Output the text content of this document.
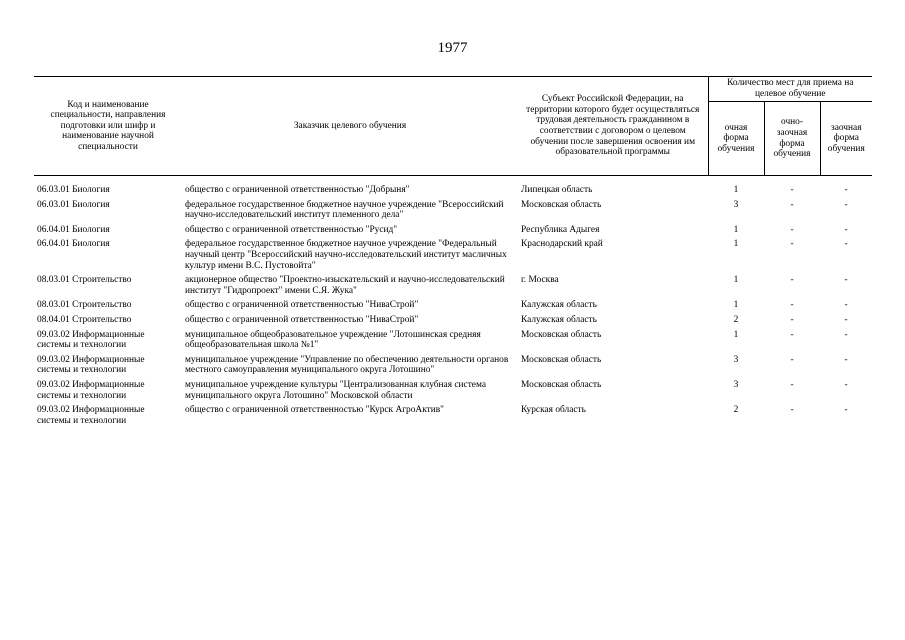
1977
Код и наименование специальности, направления подготовки или шифр и наименование научной специальности	Заказчик целевого обучения	Субъект Российской Федерации, на территории которого будет осуществляться трудовая деятельность гражданином в соответствии с договором о целевом обучении после завершения освоения им образовательной программы	Количество мест для приема на целевое обучение		
			очная форма обучения	очно-заочная форма обучения	заочная форма обучения

06.03.01 Биология	общество с ограниченной ответственностью "Добрыня"	Липецкая область	1	-	-
06.03.01 Биология	федеральное государственное бюджетное научное учреждение "Всероссийский научно-исследовательский институт племенного дела"	Московская область	3	-	-
06.04.01 Биология	общество с ограниченной ответственностью "Русид"	Республика Адыгея	1	-	-
06.04.01 Биология	федеральное государственное бюджетное научное учреждение "Федеральный научный центр "Всероссийский научно-исследовательский институт масличных культур имени В.С. Пустовойта"	Краснодарский край	1	-	-
08.03.01 Строительство	акционерное общество "Проектно-изыскательский и научно-исследовательский институт "Гидропроект" имени С.Я. Жука"	г. Москва	1	-	-
08.03.01 Строительство	общество с ограниченной ответственностью "НиваСтрой"	Калужская область	1	-	-
08.04.01 Строительство	общество с ограниченной ответственностью "НиваСтрой"	Калужская область	2	-	-
09.03.02 Информационные системы и технологии	муниципальное общеобразовательное учреждение "Лотошинская средняя общеобразовательная школа №1"	Московская область	1	-	-
09.03.02 Информационные системы и технологии	муниципальное учреждение "Управление по обеспечению деятельности органов местного самоуправления муниципального округа Лотошино"	Московская область	3	-	-
09.03.02 Информационные системы и технологии	муниципальное учреждение культуры "Централизованная клубная система муниципального округа Лотошино" Московской области	Московская область	3	-	-
09.03.02 Информационные системы и технологии	общество с ограниченной ответственностью "Курск АгроАктив"	Курская область	2	-	-
